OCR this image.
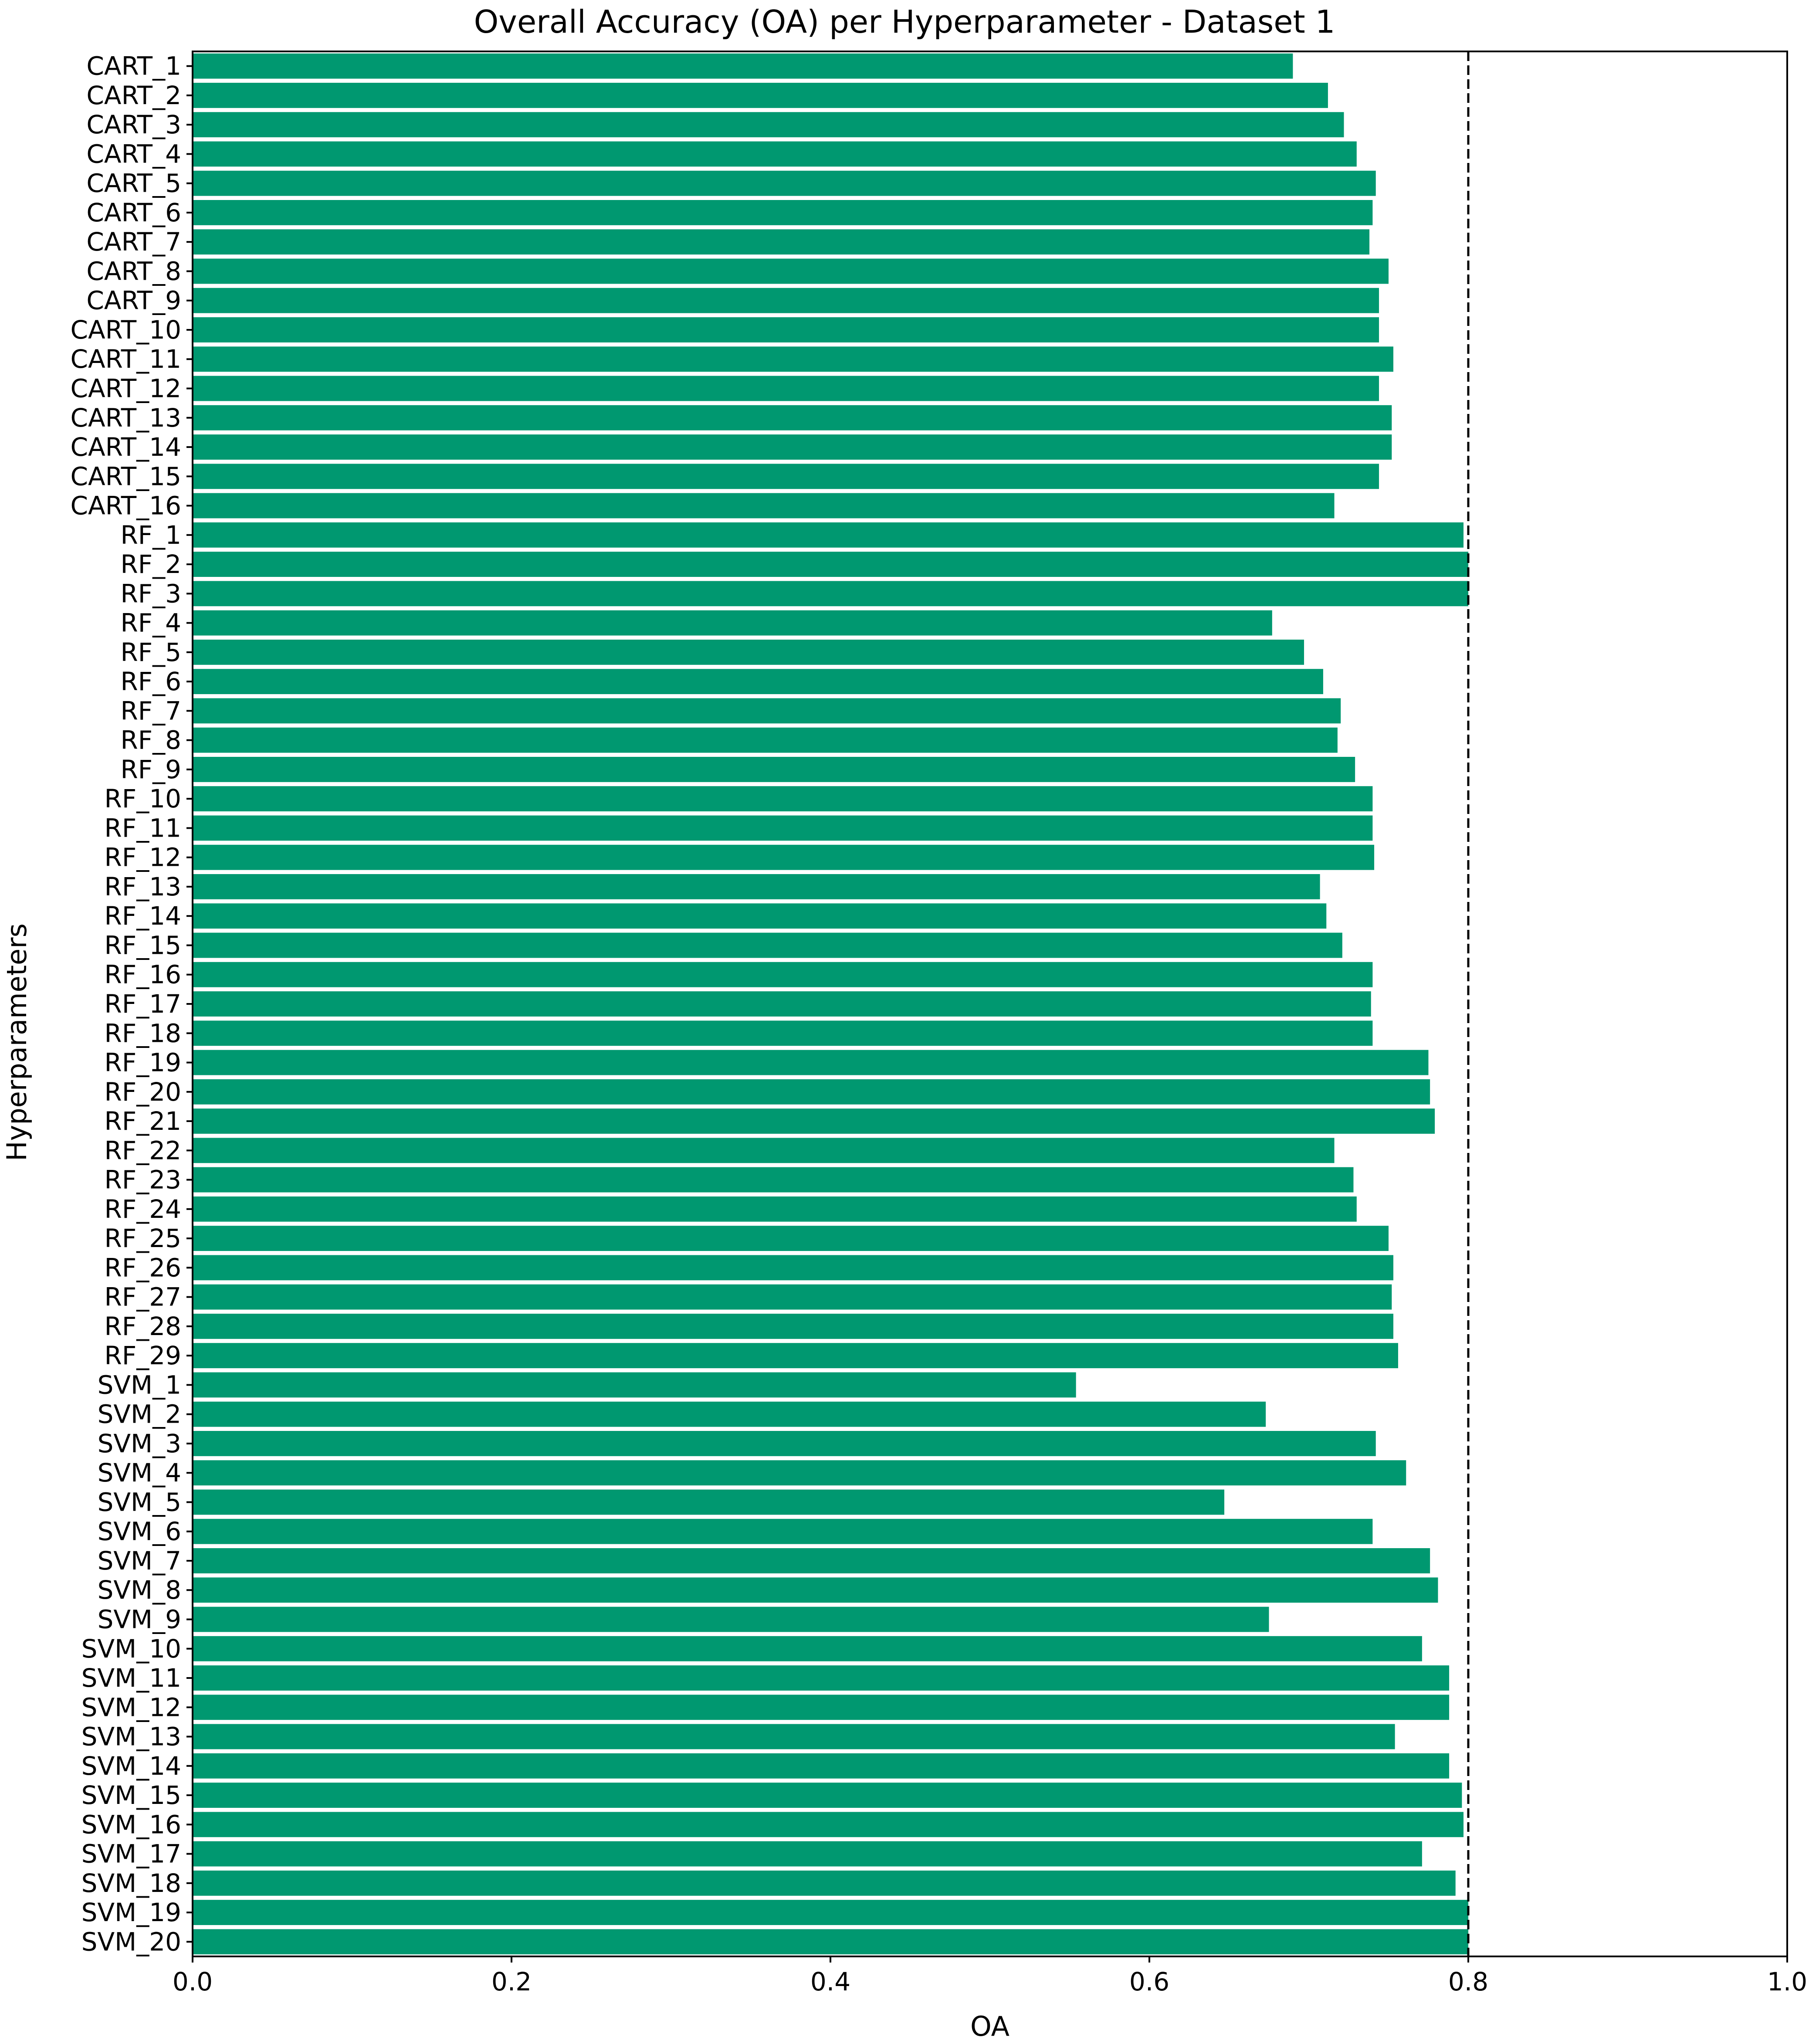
Overall Accuracy (OA) per Hyperparameter - Dataset 1
0.0	0.2	0.4	0.6	0.8	1.0
CART_1
CART_2
CART_3
CART_4
CART_5
CART_6
CART_7
CART_8
CART_9
CART_10
CART_11
CART_12
CART_13
CART_14
CART_15
CART_16
RF_1
RF_2
RF_3
RF_4
RF_5
RF_6
RF_7
RF_8
RF_9
RF_10
RF_11
RF_12
RF_13
RF_14
RF_15
RF_16
RF_17
RF_18
RF_19
RF_20
RF_21
RF_22
RF_23
RF_24
RF_25
RF_26
RF_27
RF_28
RF_29
SVM_1
SVM_2
SVM_3
SVM_4
SVM_5
SVM_6
SVM_7
SVM_8
SVM_9
SVM_10
SVM_11
SVM_12
SVM_13
SVM_14
SVM_15
SVM_16
SVM_17
SVM_18
SVM_19
SVM_20
OA
Hyperparameters
